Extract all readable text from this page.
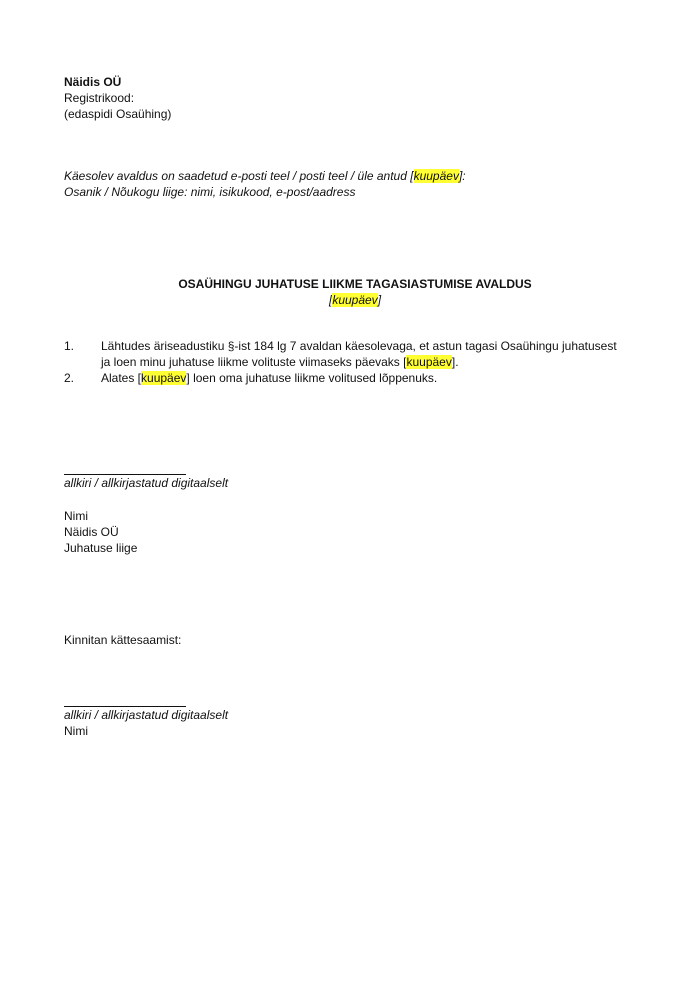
Näidis OÜ
Registrikood:
(edaspidi Osaühing)
Käesolev avaldus on saadetud e-posti teel / posti teel / üle antud [kuupäev]:
Osanik / Nõukogu liige: nimi, isikukood, e-post/aadress
OSAÜHINGU JUHATUSE LIIKME TAGASIASTUMISE AVALDUS
[kuupäev]
1. Lähtudes äriseadustiku §-ist 184 lg 7 avaldan käesolevaga, et astun tagasi Osaühingu juhatusest
ja loen minu juhatuse liikme volituste viimaseks päevaks [kuupäev].
2. Alates [kuupäev] loen oma juhatuse liikme volitused lõppenuks.
allkiri / allkirjastatud digitaalselt
Nimi
Näidis OÜ
Juhatuse liige
Kinnitan kättesaamist:
allkiri / allkirjastatud digitaalselt
Nimi
